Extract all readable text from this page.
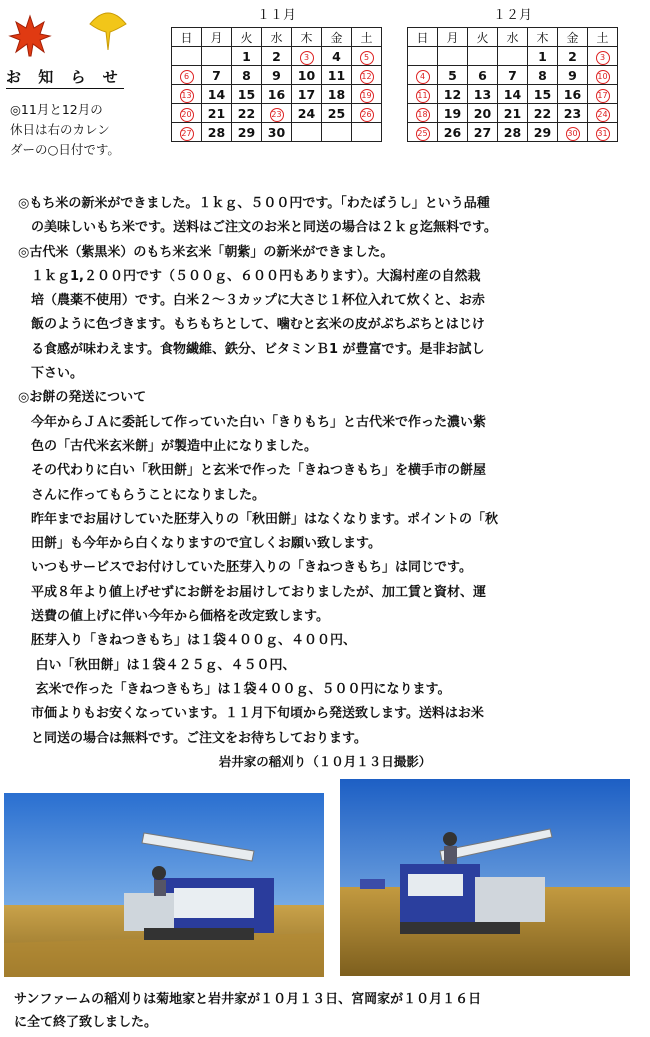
お 知 ら せ
◎11月と12月の
休日は右のカレン
ダーの○日付です。
１１月
日	月	火	水	木	金	土
		1	2	3	4	5
6	7	8	9	10	11	12
13	14	15	16	17	18	19
20	21	22	23	24	25	26
27	28	29	30			
１２月
日	月	火	水	木	金	土
				1	2	3
4	5	6	7	8	9	10
11	12	13	14	15	16	17
18	19	20	21	22	23	24
25	26	27	28	29	30	31

◎もち米の新米ができました。１ｋｇ、５００円です。「わたぼうし」という品種

　の美味しいもち米です。送料はご注文のお米と同送の場合は２ｋｇ迄無料です。

◎古代米（紫黒米）のもち米玄米「朝紫」の新米ができました。

　１ｋｇ1,２００円です（５００ｇ、６００円もあります）。大潟村産の自然栽

　培（農薬不使用）です。白米２～３カップに大さじ１杯位入れて炊くと、お赤

　飯のように色づきます。もちもちとして、噛むと玄米の皮がぷちぷちとはじけ

　る食感が味わえます。食物繊維、鉄分、ビタミンＢ1 が豊富です。是非お試し

　下さい。

◎お餅の発送について

　今年からＪＡに委託して作っていた白い「きりもち」と古代米で作った濃い紫

　色の「古代米玄米餅」が製造中止になりました。

　その代わりに白い「秋田餅」と玄米で作った「きねつきもち」を横手市の餅屋

　さんに作ってもらうことになりました。

　昨年までお届けしていた胚芽入りの「秋田餅」はなくなります。ポイントの「秋

　田餅」も今年から白くなりますので宜しくお願い致します。

　いつもサービスでお付けしていた胚芽入りの「きねつきもち」は同じです。

　平成８年より値上げせずにお餅をお届けしておりましたが、加工賃と資材、運

　送費の値上げに伴い今年から価格を改定致します。

　胚芽入り「きねつきもち」は１袋４００ｇ、４００円、

　 白い「秋田餅」は１袋４２５ｇ、４５０円、

　 玄米で作った「きねつきもち」は１袋４００ｇ、５００円になります。

　市価よりもお安くなっています。１１月下旬頃から発送致します。送料はお米

　と同送の場合は無料です。ご注文をお待ちしております。

岩井家の稲刈り（１０月１３日撮影）

サンファームの稲刈りは菊地家と岩井家が１０月１３日、宮岡家が１０月１６日

に全て終了致しました。
